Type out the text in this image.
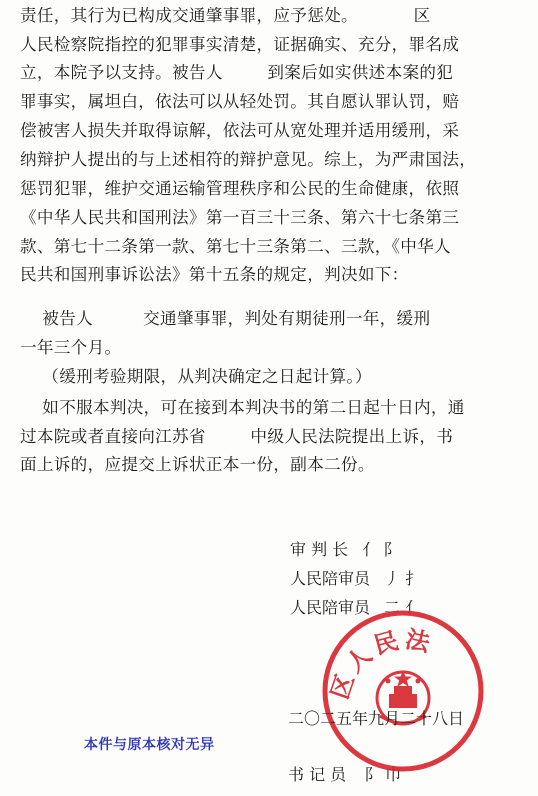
责任，其行为已构成交通肇事罪，应予惩处。          区
人民检察院指控的犯罪事实清楚，证据确实、充分，罪名成
立，本院予以支持。被告人        到案后如实供述本案的犯
罪事实，属坦白，依法可以从轻处罚。其自愿认罪认罚，赔
偿被害人损失并取得谅解，依法可从宽处理并适用缓刑，采
纳辩护人提出的与上述相符的辩护意见。综上，为严肃国法，
惩罚犯罪，维护交通运输管理秩序和公民的生命健康，依照
《中华人民共和国刑法》第一百三十三条、第六十七条第三
款、第七十二条第一款、第七十三条第二、三款，《中华人
民共和国刑事诉讼法》第十五条的规定，判决如下：
被告人         交通肇事罪，判处有期徒刑一年，缓刑
一年三个月。
（缓刑考验期限，从判决确定之日起计算。）
如不服本判决，可在接到本判决书的第二日起十日内，通
过本院或者直接向江苏省        中级人民法院提出上诉，书
面上诉的，应提交上诉状正本一份，副本二份。
审 判 长 亻 阝
人民陪审员 丿 扌
人民陪审员 二 亻
区人民法
二〇二五年九月二十八日
本件与原本核对无异
书 记 员 阝 巾
